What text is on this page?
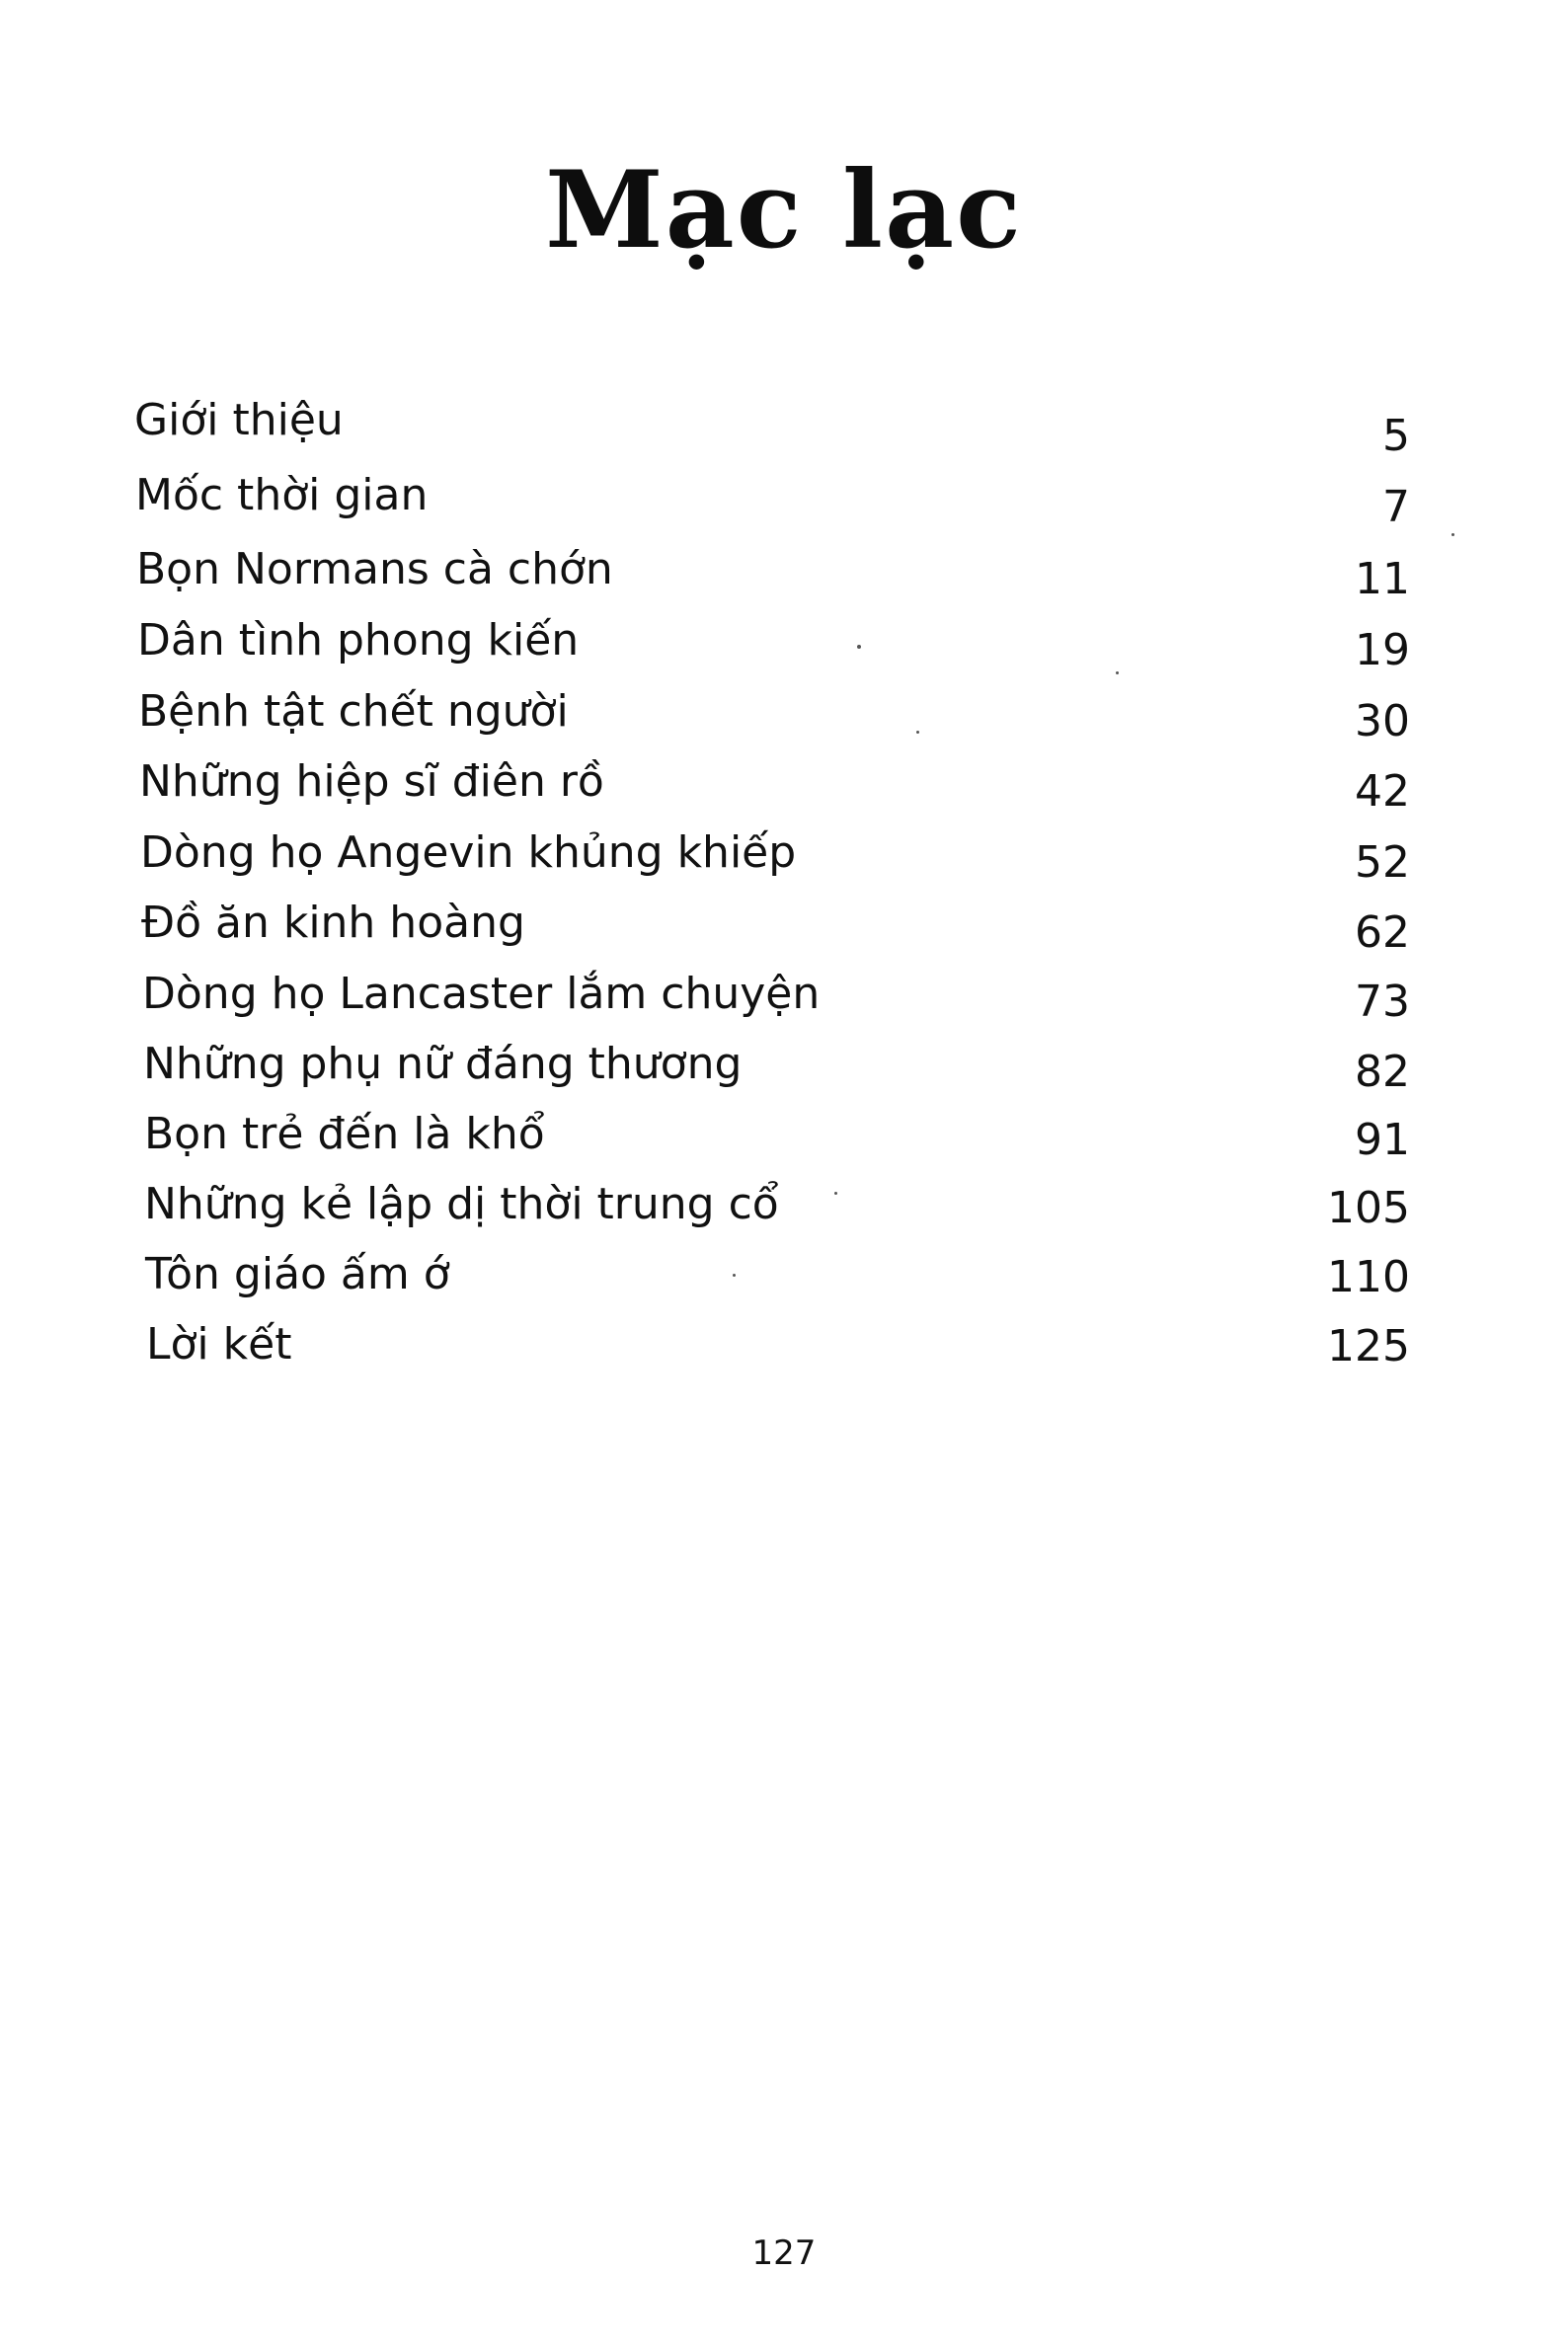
Mạc lạc
Giới thiệu	5
Mốc thời gian	7
Bọn Normans cà chớn	11
Dân tình phong kiến	19
Bệnh tật chết người	30
Những hiệp sĩ điên rồ	42
Dòng họ Angevin khủng khiếp	52
Đồ ăn kinh hoàng	62
Dòng họ Lancaster lắm chuyện	73
Những phụ nữ đáng thương	82
Bọn trẻ đến là khổ	91
Những kẻ lập dị thời trung cổ	105
Tôn giáo ấm ớ	110
Lời kết	125
127
